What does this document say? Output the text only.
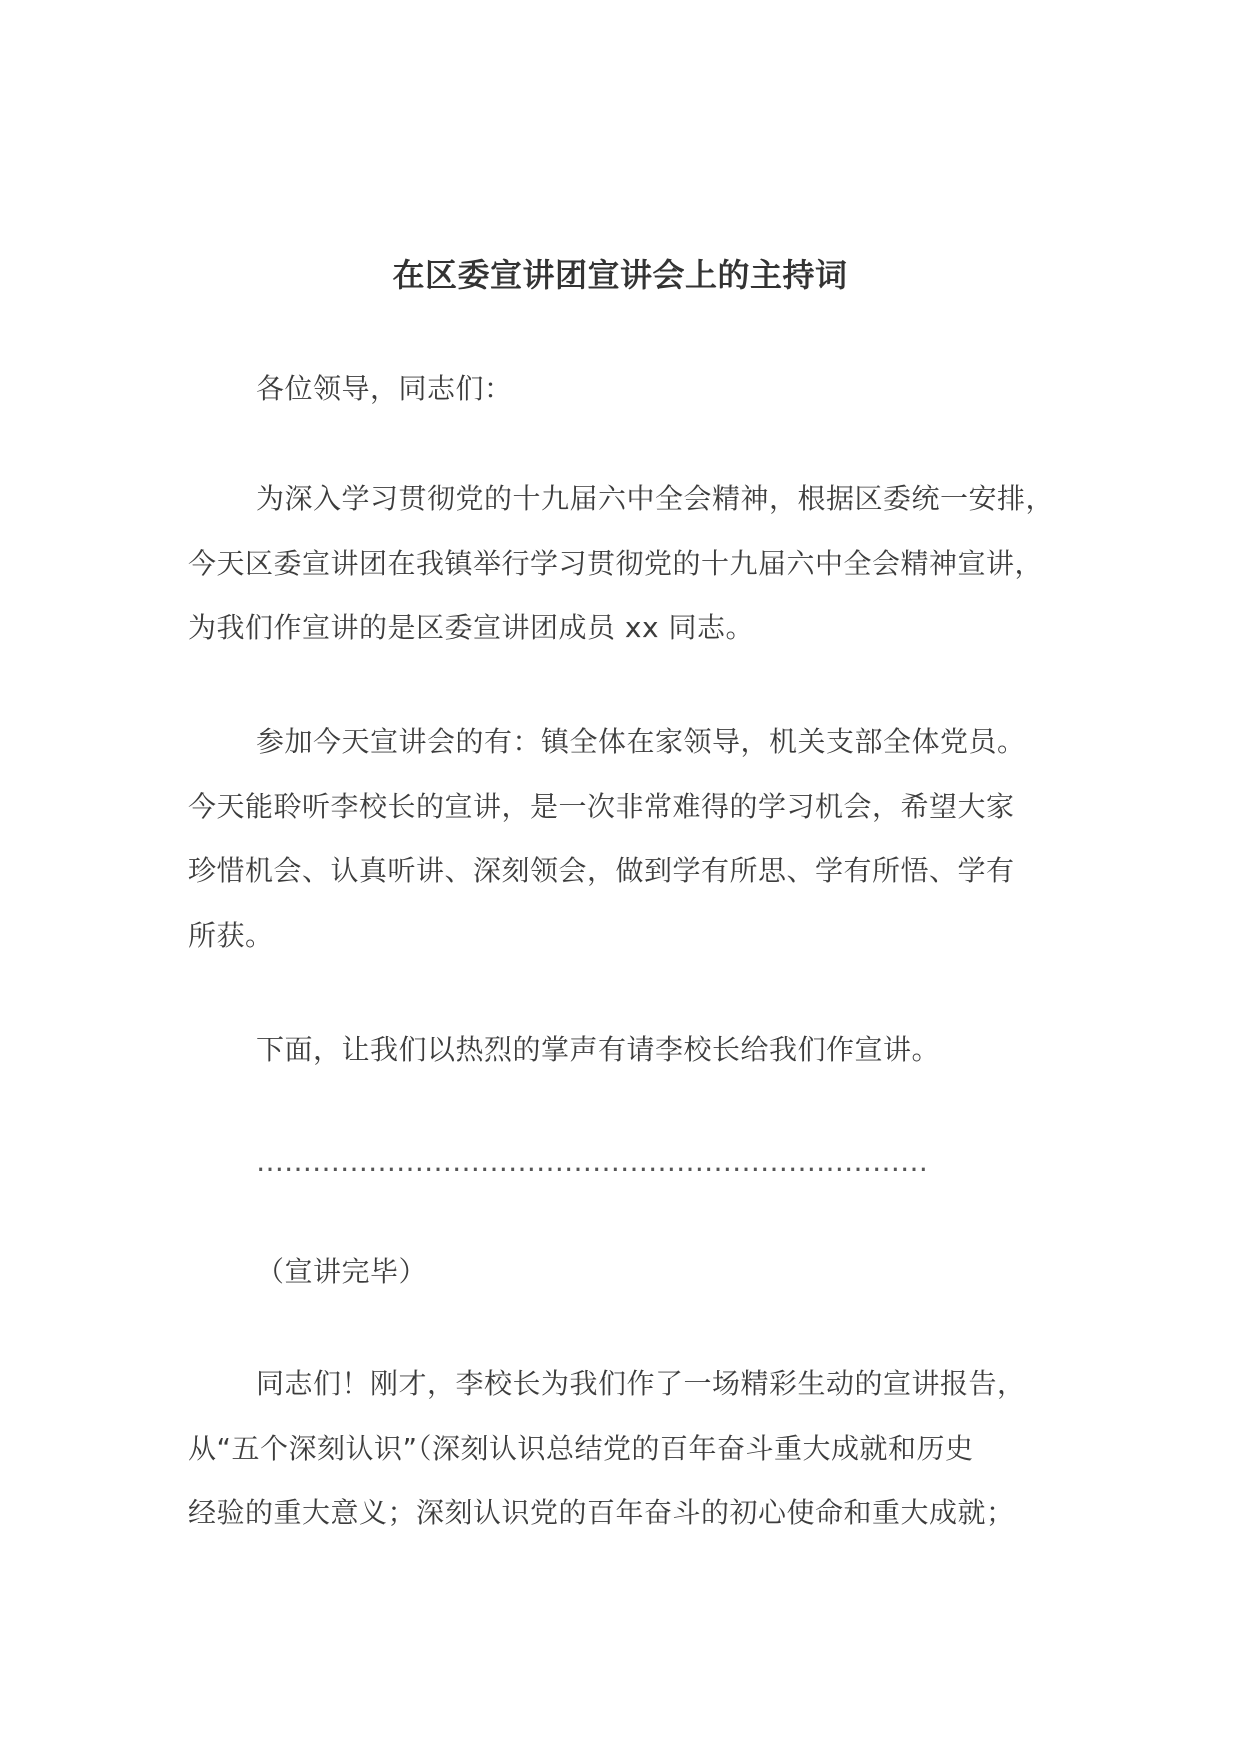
在区委宣讲团宣讲会上的主持词
各位领导，同志们：
为深入学习贯彻党的十九届六中全会精神，根据区委统一安排，
今天区委宣讲团在我镇举行学习贯彻党的十九届六中全会精神宣讲，
为我们作宣讲的是区委宣讲团成员 xx 同志。
参加今天宣讲会的有：镇全体在家领导，机关支部全体党员。
今天能聆听李校长的宣讲，是一次非常难得的学习机会，希望大家
珍惜机会、认真听讲、深刻领会，做到学有所思、学有所悟、学有
所获。
下面，让我们以热烈的掌声有请李校长给我们作宣讲。
………………………………………………………………
（宣讲完毕）
同志们！刚才，李校长为我们作了一场精彩生动的宣讲报告，
从“五个深刻认识”（深刻认识总结党的百年奋斗重大成就和历史
经验的重大意义；深刻认识党的百年奋斗的初心使命和重大成就；
